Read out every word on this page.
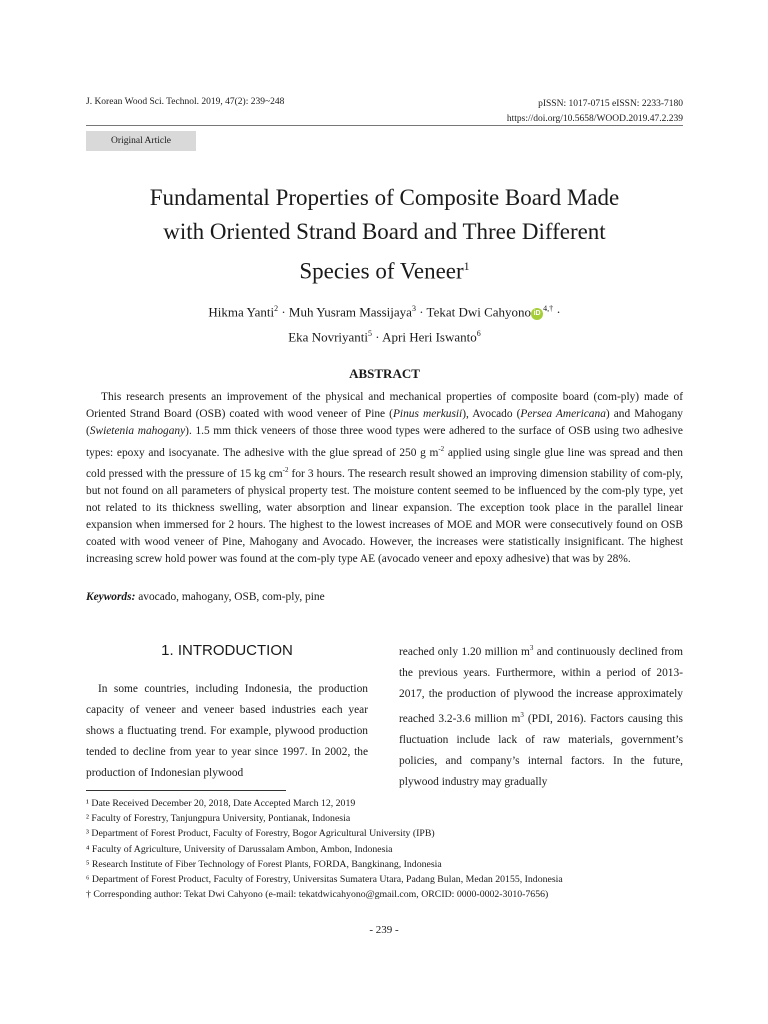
J. Korean Wood Sci. Technol. 2019, 47(2): 239~248	pISSN: 1017-0715 eISSN: 2233-7180
https://doi.org/10.5658/WOOD.2019.47.2.239
Original Article
Fundamental Properties of Composite Board Made
with Oriented Strand Board and Three Different
Species of Veneer$^1$
Hikma Yanti$^2$ · Muh Yusram Massijaya$^3$ · Tekat Dwi Cahyono $iD^{4,\dagger}$ ·
Eka Novriyanti$^5$ · Apri Heri Iswanto$^6$
ABSTRACT
This research presents an improvement of the physical and mechanical properties of composite board (com-ply) made of Oriented Strand Board (OSB) coated with wood veneer of Pine (Pinus merkusii), Avocado (Persea Americana) and Mahogany (Swietenia mahogany). 1.5 mm thick veneers of those three wood types were adhered to the surface of OSB using two adhesive types: epoxy and isocyanate. The adhesive with the glue spread of 250 g $m^{-2}$ applied using single glue line was spread and then cold pressed with the pressure of 15 kg $cm^{-2}$ for 3 hours. The research result showed an improving dimension stability of com-ply, but not found on all parameters of physical property test. The moisture content seemed to be influenced by the com-ply type, yet not related to its thickness swelling, water absorption and linear expansion. The exception took place in the parallel linear expansion when immersed for 2 hours. The highest to the lowest increases of MOE and MOR were consecutively found on OSB coated with wood veneer of Pine, Mahogany and Avocado. However, the increases were statistically insignificant. The highest increasing screw hold power was found at the com-ply type AE (avocado veneer and epoxy adhesive) that was by 28%.
Keywords: avocado, mahogany, OSB, com-ply, pine
1. INTRODUCTION
In some countries, including Indonesia, the production capacity of veneer and veneer based industries each year shows a fluctuating trend. For example, plywood production tended to decline from year to year since 1997. In 2002, the production of Indonesian plywood
reached only 1.20 million $m^3$ and continuously declined from the previous years. Furthermore, within a period of 2013-2017, the production of plywood the increase approximately reached 3.2-3.6 million $m^3$ (PDI, 2016). Factors causing this fluctuation include lack of raw materials, government’s policies, and company’s internal factors. In the future, plywood industry may gradually
¹ Date Received December 20, 2018, Date Accepted March 12, 2019
² Faculty of Forestry, Tanjungpura University, Pontianak, Indonesia
³ Department of Forest Product, Faculty of Forestry, Bogor Agricultural University (IPB)
⁴ Faculty of Agriculture, University of Darussalam Ambon, Ambon, Indonesia
⁵ Research Institute of Fiber Technology of Forest Plants, FORDA, Bangkinang, Indonesia
⁶ Department of Forest Product, Faculty of Forestry, Universitas Sumatera Utara, Padang Bulan, Medan 20155, Indonesia
† Corresponding author: Tekat Dwi Cahyono (e-mail: tekatdwicahyono@gmail.com, ORCID: 0000-0002-3010-7656)
- 239 -
